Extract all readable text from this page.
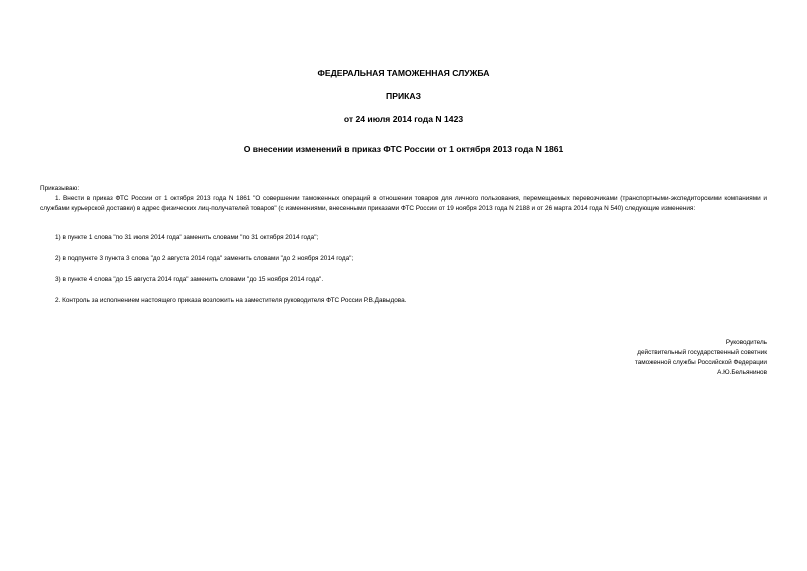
ФЕДЕРАЛЬНАЯ ТАМОЖЕННАЯ СЛУЖБА
ПРИКАЗ
от 24 июля 2014 года N 1423
О внесении изменений в приказ ФТС России от 1 октября 2013 года N 1861
Приказываю:
1. Внести в приказ ФТС России от 1 октября 2013 года N 1861 "О совершении таможенных операций в отношении товаров для личного пользования, перемещаемых перевозчиками (транспортными-экспедиторскими компаниями и службами курьерской доставки) в адрес физических лиц-получателей товаров" (с изменениями, внесенными приказами ФТС России от 19 ноября 2013 года N 2188 и от 26 марта 2014 года N 540) следующие изменения:
1) в пункте 1 слова "по 31 июля 2014 года" заменить словами "по 31 октября 2014 года";
2) в подпункте 3 пункта 3 слова "до 2 августа 2014 года" заменить словами "до 2 ноября 2014 года";
3) в пункте 4 слова "до 15 августа 2014 года" заменить словами "до 15 ноября 2014 года".
2. Контроль за исполнением настоящего приказа возложить на заместителя руководителя ФТС России Р.В.Давыдова.
Руководитель
действительный государственный советник
таможенной службы Российской Федерации
А.Ю.Бельянинов
